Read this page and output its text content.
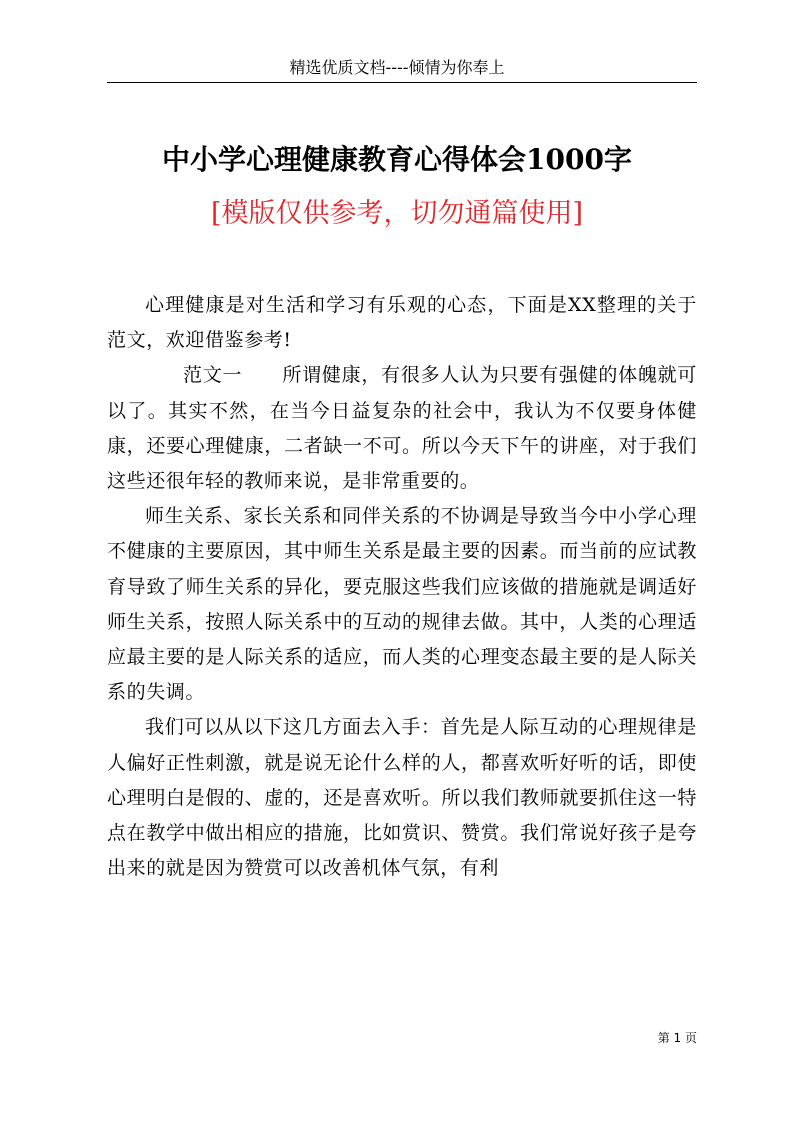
精选优质文档----倾情为你奉上
中小学心理健康教育心得体会1000字
[模版仅供参考，切勿通篇使用]

心理健康是对生活和学习有乐观的心态，下面是XX整理的关于范文，欢迎借鉴参考!

范文一 所谓健康，有很多人认为只要有强健的体魄就可以了。其实不然，在当今日益复杂的社会中，我认为不仅要身体健康，还要心理健康，二者缺一不可。所以今天下午的讲座，对于我们这些还很年轻的教师来说，是非常重要的。

师生关系、家长关系和同伴关系的不协调是导致当今中小学心理不健康的主要原因，其中师生关系是最主要的因素。而当前的应试教育导致了师生关系的异化，要克服这些我们应该做的措施就是调适好师生关系，按照人际关系中的互动的规律去做。其中，人类的心理适应最主要的是人际关系的适应，而人类的心理变态最主要的是人际关系的失调。

我们可以从以下这几方面去入手：首先是人际互动的心理规律是人偏好正性刺激，就是说无论什么样的人，都喜欢听好听的话，即使心理明白是假的、虚的，还是喜欢听。所以我们教师就要抓住这一特点在教学中做出相应的措施，比如赏识、赞赏。我们常说好孩子是夸出来的就是因为赞赏可以改善机体气氛，有利

第 1 页
